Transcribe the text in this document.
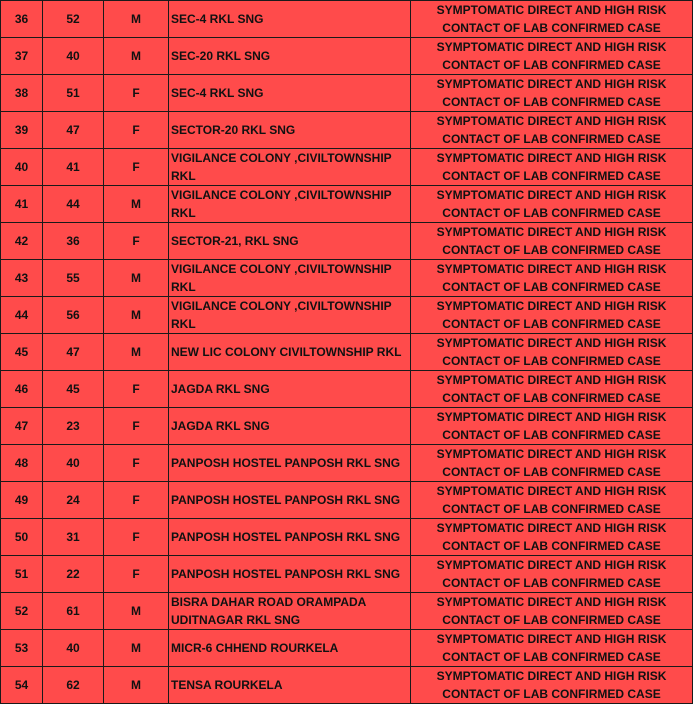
36	52	M	SEC-4 RKL SNG	SYMPTOMATIC DIRECT AND HIGH RISK
CONTACT OF LAB CONFIRMED CASE

37	40	M	SEC-20 RKL SNG	SYMPTOMATIC DIRECT AND HIGH RISK
CONTACT OF LAB CONFIRMED CASE

38	51	F	SEC-4 RKL SNG	SYMPTOMATIC DIRECT AND HIGH RISK
CONTACT OF LAB CONFIRMED CASE

39	47	F	SECTOR-20 RKL SNG	SYMPTOMATIC DIRECT AND HIGH RISK
CONTACT OF LAB CONFIRMED CASE

40	41	F	VIGILANCE COLONY ,CIVILTOWNSHIP RKL	SYMPTOMATIC DIRECT AND HIGH RISK
CONTACT OF LAB CONFIRMED CASE

41	44	M	VIGILANCE COLONY ,CIVILTOWNSHIP RKL	SYMPTOMATIC DIRECT AND HIGH RISK
CONTACT OF LAB CONFIRMED CASE

42	36	F	SECTOR-21, RKL SNG	SYMPTOMATIC DIRECT AND HIGH RISK
CONTACT OF LAB CONFIRMED CASE

43	55	M	VIGILANCE COLONY ,CIVILTOWNSHIP RKL	SYMPTOMATIC DIRECT AND HIGH RISK
CONTACT OF LAB CONFIRMED CASE

44	56	M	VIGILANCE COLONY ,CIVILTOWNSHIP RKL	SYMPTOMATIC DIRECT AND HIGH RISK
CONTACT OF LAB CONFIRMED CASE

45	47	M	NEW LIC COLONY CIVILTOWNSHIP RKL	SYMPTOMATIC DIRECT AND HIGH RISK
CONTACT OF LAB CONFIRMED CASE

46	45	F	JAGDA RKL SNG	SYMPTOMATIC DIRECT AND HIGH RISK
CONTACT OF LAB CONFIRMED CASE

47	23	F	JAGDA RKL SNG	SYMPTOMATIC DIRECT AND HIGH RISK
CONTACT OF LAB CONFIRMED CASE

48	40	F	PANPOSH HOSTEL PANPOSH RKL SNG	SYMPTOMATIC DIRECT AND HIGH RISK
CONTACT OF LAB CONFIRMED CASE

49	24	F	PANPOSH HOSTEL PANPOSH RKL SNG	SYMPTOMATIC DIRECT AND HIGH RISK
CONTACT OF LAB CONFIRMED CASE

50	31	F	PANPOSH HOSTEL PANPOSH RKL SNG	SYMPTOMATIC DIRECT AND HIGH RISK
CONTACT OF LAB CONFIRMED CASE

51	22	F	PANPOSH HOSTEL PANPOSH RKL SNG	SYMPTOMATIC DIRECT AND HIGH RISK
CONTACT OF LAB CONFIRMED CASE

52	61	M	BISRA DAHAR ROAD ORAMPADA UDITNAGAR RKL SNG	SYMPTOMATIC DIRECT AND HIGH RISK
CONTACT OF LAB CONFIRMED CASE

53	40	M	MICR-6 CHHEND ROURKELA	SYMPTOMATIC DIRECT AND HIGH RISK
CONTACT OF LAB CONFIRMED CASE

54	62	M	TENSA ROURKELA	SYMPTOMATIC DIRECT AND HIGH RISK
CONTACT OF LAB CONFIRMED CASE
